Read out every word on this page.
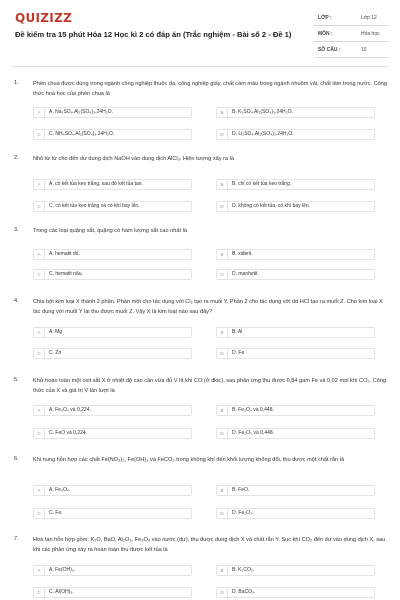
QUIZIZZ
Đề kiểm tra 15 phút Hóa 12 Học kì 2 có đáp án (Trắc nghiệm - Bài số 2 - Đề 1)
LỚP :	Lớp 12
MÔN :	Hóa học
SỐ CÂU :	10
1.	Phèn chua được dùng trong ngành công nghiệp thuộc da, công nghiệp giấy, chất cầm màu trong ngành nhuộm vải, chất làm trong nước. Công thức hoá học của phèn chua là
A	A. Na₂SO₄.Al₂(SO₄)₃.24H₂O.	B	B. K₂SO₄.Al₂(SO₄)₃.24H₂O.
C	C. NH₄SO₄.Al₂(SO₄)₃.24H₂O.	D	D. Li₂SO₄.Al₂(SO₄)₃.24H₂O.
2.	Nhỏ từ từ cho đến dư dung dịch NaOH vào dung dịch AlCl₃. Hiện tượng xảy ra là
A	A. có kết tủa keo trắng, sau đó kết tủa tan.	B	B. chỉ có kết tủa keo trắng.
C	C. có kết tủa keo trắng và có khí bay lên.	D	D. không có kết tủa, có khí bay lên.
3.	Trong các loại quặng sắt, quặng có hàm lượng sắt cao nhất là
A	A. hematit đỏ.	B	B. xiđerit.
C	C. hematit nâu.	D	D. manhetit.
4.	Chia bột kim loại X thành 2 phần. Phần một cho tác dụng với Cl₂ tạo ra muối Y. Phần 2 cho tác dụng với dd HCl tạo ra muối Z. Cho kim loại X tác dụng với muối Y lại thu được muối Z. Vậy X là kim loại nào sau đây?
A	A. Mg	B	B. Al
C	C. Zn	D	D. Fe
5.	Khử hoàn toàn một oxit sắt X ở nhiệt độ cao cần vừa đủ V lít khí CO (ở đktc), sau phản ứng thu được 0,84 gam Fe và 0,02 mol khí CO₂. Công thức của X và giá trị V lần lượt là
A	A. Fe₃O₄ và 0,224.	B	B. Fe₃O₄ và 0,448.
C	C. FeO và 0,224.	D	D. Fe₂O₃ và 0,448.
6.	Khi nung hỗn hợp các chất Fe(NO₃)₂, Fe(OH)₃ và FeCO₃ trong không khí đến khối lượng không đổi, thu được một chất rắn là
A	A. Fe₃O₄.	B	B. FeO.
C	C. Fe.	D	D. Fe₂O₃.
7.	Hoà tan hỗn hợp gồm: K₂O, BaO, Al₂O₃, Fe₃O₄ vào nước (dư), thu được dung dịch X và chất rắn Y. Sục khí CO₂ đến dư vào dung dịch X, sau khi các phản ứng xảy ra hoàn toàn thu được kết tủa là
A	A. Fe(OH)₃.	B	B. K₂CO₃.
C	C. Al(OH)₃.	D	D. BaCO₃.
